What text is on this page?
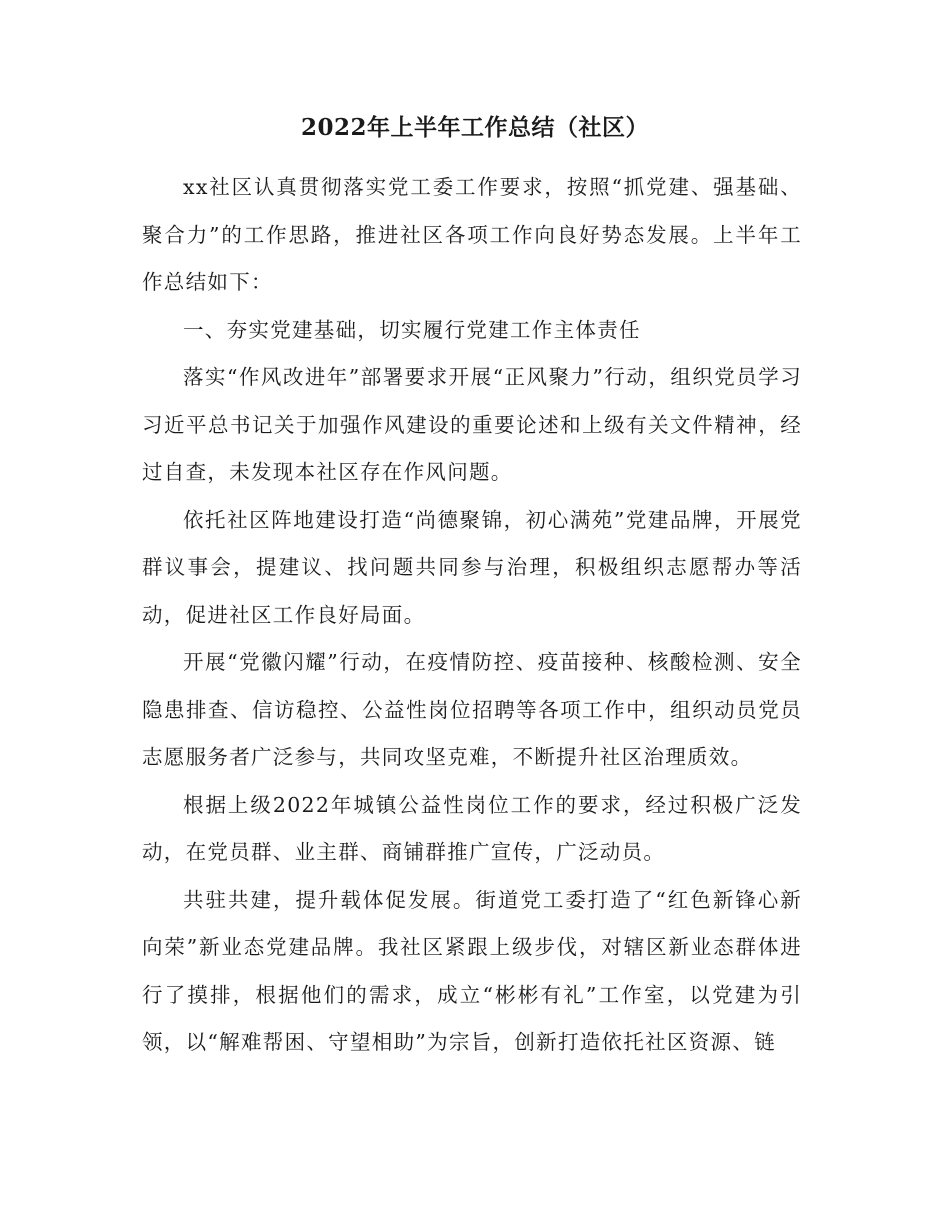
2022年上半年工作总结（社区）

xx社区认真贯彻落实党工委工作要求，按照“抓党建、强基础、聚合力”的工作思路，推进社区各项工作向良好势态发展。上半年工作总结如下：

一、夯实党建基础，切实履行党建工作主体责任

落实“作风改进年”部署要求开展“正风聚力”行动，组织党员学习习近平总书记关于加强作风建设的重要论述和上级有关文件精神，经过自查，未发现本社区存在作风问题。

依托社区阵地建设打造“尚德聚锦，初心满苑”党建品牌，开展党群议事会，提建议、找问题共同参与治理，积极组织志愿帮办等活动，促进社区工作良好局面。

开展“党徽闪耀”行动，在疫情防控、疫苗接种、核酸检测、安全隐患排查、信访稳控、公益性岗位招聘等各项工作中，组织动员党员志愿服务者广泛参与，共同攻坚克难，不断提升社区治理质效。

根据上级2022年城镇公益性岗位工作的要求，经过积极广泛发动，在党员群、业主群、商铺群推广宣传，广泛动员。

共驻共建，提升载体促发展。街道党工委打造了“红色新锋心新向荣”新业态党建品牌。我社区紧跟上级步伐，对辖区新业态群体进行了摸排，根据他们的需求，成立“彬彬有礼”工作室，以党建为引领，以“解难帮困、守望相助”为宗旨，创新打造依托社区资源、链
